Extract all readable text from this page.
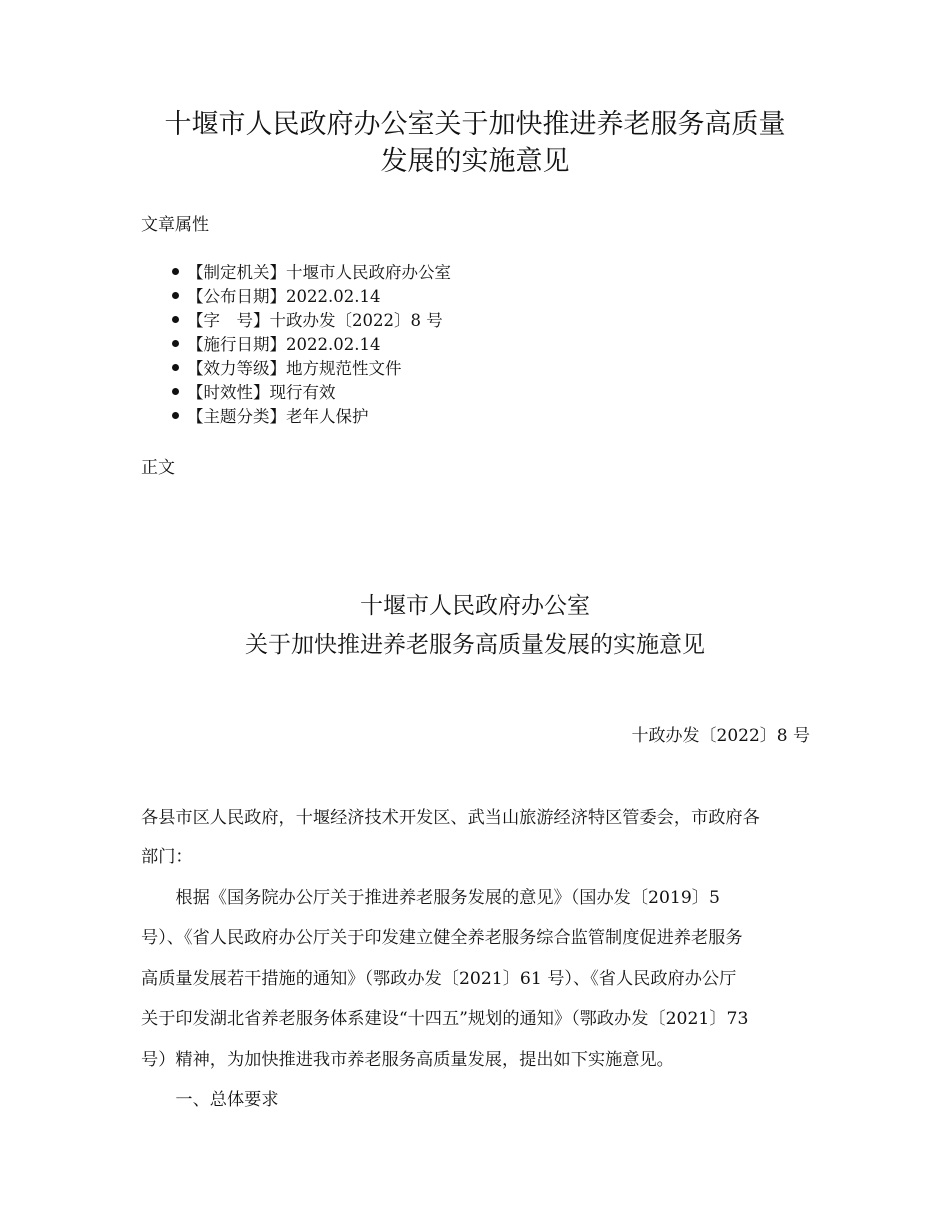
十堰市人民政府办公室关于加快推进养老服务高质量
发展的实施意见
文章属性
【制定机关】十堰市人民政府办公室
【公布日期】2022.02.14
【字　号】十政办发〔2022〕8 号
【施行日期】2022.02.14
【效力等级】地方规范性文件
【时效性】现行有效
【主题分类】老年人保护
正文
十堰市人民政府办公室
关于加快推进养老服务高质量发展的实施意见
十政办发〔2022〕8 号
各县市区人民政府，十堰经济技术开发区、武当山旅游经济特区管委会，市政府各
部门：
　　根据《国务院办公厅关于推进养老服务发展的意见》（国办发〔2019〕5
号）、《省人民政府办公厅关于印发建立健全养老服务综合监管制度促进养老服务
高质量发展若干措施的通知》（鄂政办发〔2021〕61 号）、《省人民政府办公厅
关于印发湖北省养老服务体系建设“十四五”规划的通知》（鄂政办发〔2021〕73
号）精神，为加快推进我市养老服务高质量发展，提出如下实施意见。
　　一、总体要求
